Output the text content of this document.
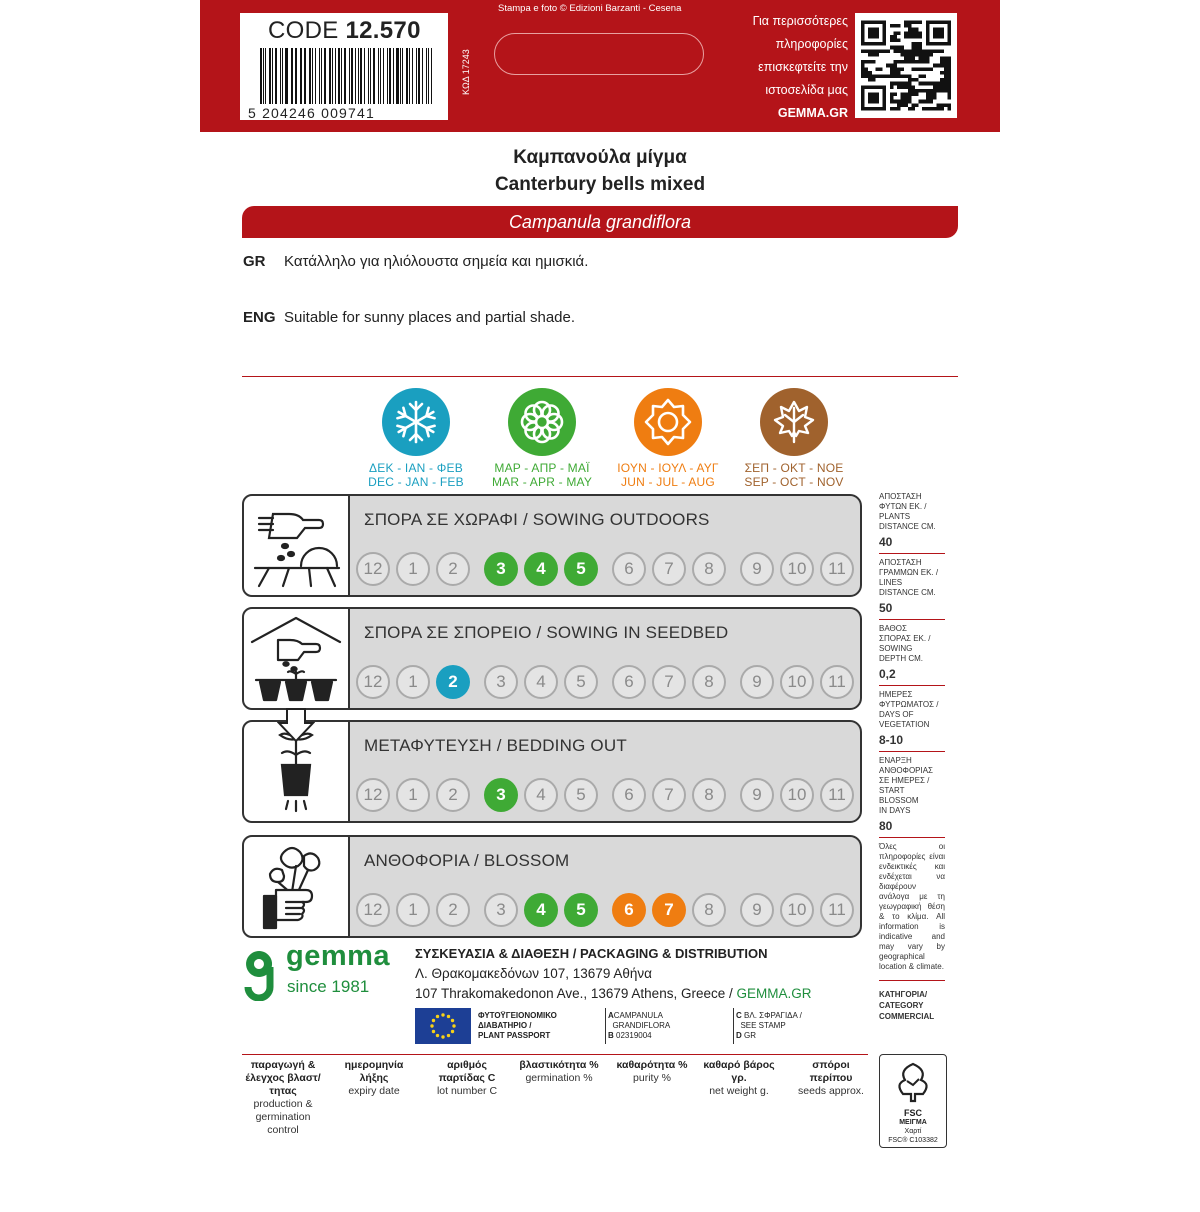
CODE 12.570
5 204246 009741
ΚΩΔ 17243
Stampa e foto © Edizioni Barzanti - Cesena
Για περισσότερες
πληροφορίες
επισκεφτείτε την
ιστοσελίδα μας
GEMMA.GR
Καμπανούλα μίγμα
Canterbury bells mixed
Campanula grandiflora
GR Κατάλληλο για ηλιόλουστα σημεία και ημισκιά.
ENG Suitable for sunny places and partial shade.
ΔΕΚ - ΙΑΝ - ΦΕΒ
DEC - JAN - FEB
ΜΑΡ - ΑΠΡ - ΜΑΪ
MAR - APR - MAY
ΙΟΥΝ - ΙΟΥΛ - ΑΥΓ
JUN - JUL - AUG
ΣΕΠ - ΟΚΤ - ΝΟΕ
SEP - OCT - NOV
ΣΠΟΡΑ ΣΕ ΧΩΡΑΦΙ / SOWING OUTDOORS
12	1	2	3	4	5	6	7	8	9	10	11
ΣΠΟΡΑ ΣΕ ΣΠΟΡΕΙΟ / SOWING IN SEEDBED
12	1	2	3	4	5	6	7	8	9	10	11
ΜΕΤΑΦΥΤΕΥΣΗ / BEDDING OUT
12	1	2	3	4	5	6	7	8	9	10	11
ΑΝΘΟΦΟΡΙΑ / BLOSSOM
12	1	2	3	4	5	6	7	8	9	10	11
ΑΠΟΣΤΑΣΗ
ΦΥΤΩΝ ΕΚ. /
PLANTS
DISTANCE CM.
40
ΑΠΟΣΤΑΣΗ
ΓΡΑΜΜΩΝ ΕΚ. /
LINES
DISTANCE CM.
50
ΒΑΘΟΣ
ΣΠΟΡΑΣ ΕΚ. /
SOWING
DEPTH CM.
0,2
ΗΜΕΡΕΣ
ΦΥΤΡΩΜΑΤΟΣ /
DAYS OF
VEGETATION
8-10
ΕΝΑΡΞΗ
ΑΝΘΟΦΟΡΙΑΣ
ΣΕ ΗΜΕΡΕΣ /
START
BLOSSOM
IN DAYS
80
Όλες οι πληροφορίες είναι ενδεικτικές και ενδέχεται να διαφέρουν ανάλογα με τη γεωγραφική θέση & το κλίμα. All information is indicative and may vary by geographical location & climate.
ΚΑΤΗΓΟΡΙΑ/
CATEGORY
COMMERCIAL
gemma
since 1981
ΣΥΣΚΕΥΑΣΙΑ & ΔΙΑΘΕΣΗ / PACKAGING & DISTRIBUTION
Λ. Θρακομακεδόνων 107, 13679 Αθήνα
107 Thrakomakedonon Ave., 13679 Athens, Greece / GEMMA.GR
ΦΥΤΟΫΓΕΙΟΝΟΜΙΚΟ
ΔΙΑΒΑΤΗΡΙΟ /
PLANT PASSPORT
ACAMPANULA
GRANDIFLORA
B 02319004
C ΒΛ. ΣΦΡΑΓΙΔΑ /
SEE STAMP
D GR
παραγωγή & έλεγχος βλαστ/τητας
production & germination control
ημερομηνία λήξης
expiry date
αριθμός παρτίδας C
lot number C
βλαστικότητα %
germination %
καθαρότητα %
purity %
καθαρό βάρος γρ.
net weight g.
σπόροι περίπου
seeds approx.
FSC
ΜΕΙΓΜΑ
Χαρτί
FSC® C103382
